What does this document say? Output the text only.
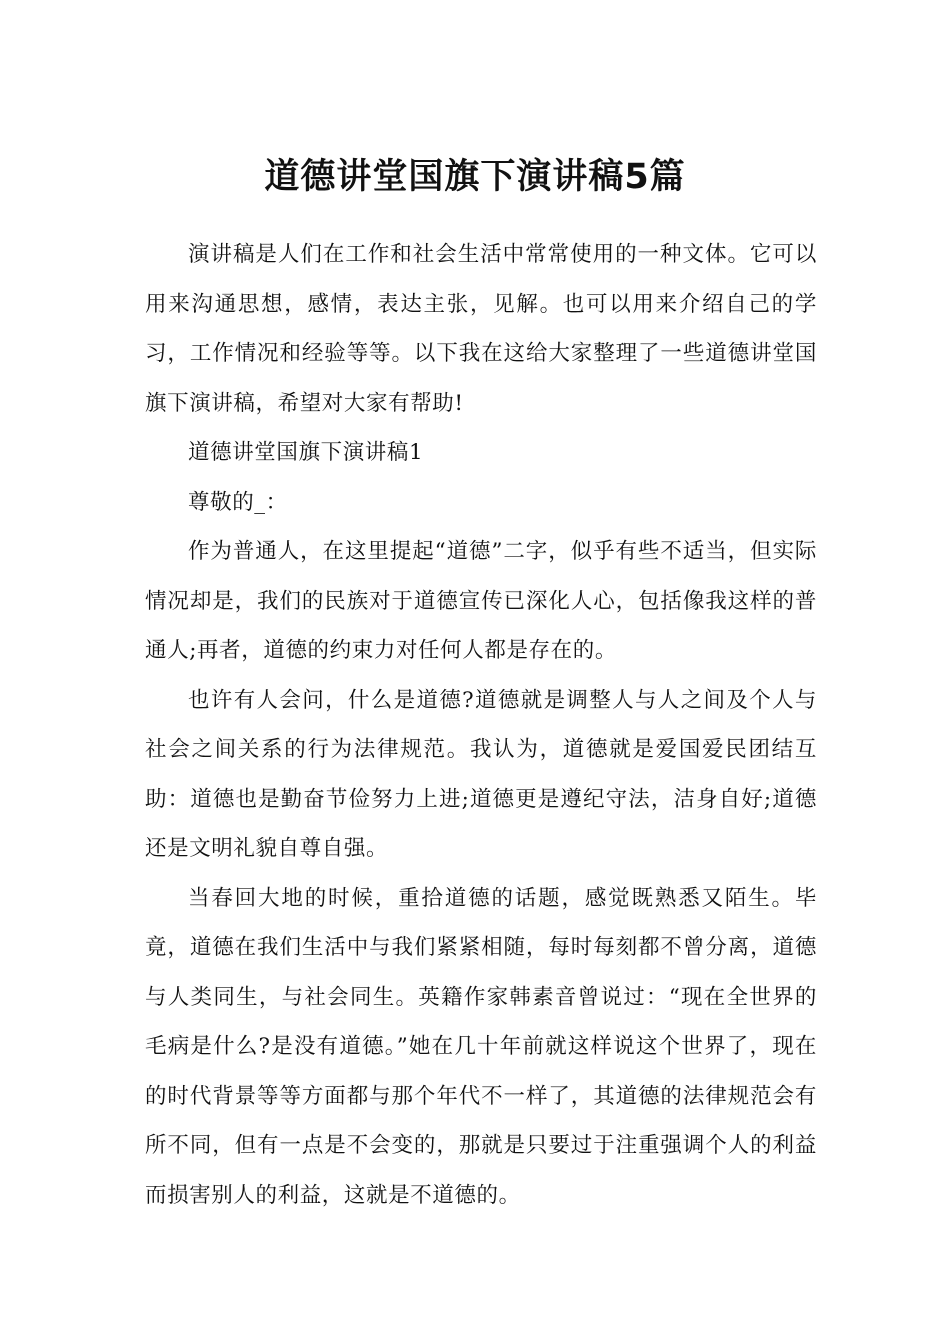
道德讲堂国旗下演讲稿5篇

演讲稿是人们在工作和社会生活中常常使用的一种文体。它可以用来沟通思想，感情，表达主张，见解。也可以用来介绍自己的学习，工作情况和经验等等。以下我在这给大家整理了一些道德讲堂国旗下演讲稿，希望对大家有帮助!

道德讲堂国旗下演讲稿1

尊敬的_：

作为普通人，在这里提起“道德”二字，似乎有些不适当，但实际情况却是，我们的民族对于道德宣传已深化人心，包括像我这样的普通人;再者，道德的约束力对任何人都是存在的。

也许有人会问，什么是道德?道德就是调整人与人之间及个人与社会之间关系的行为法律规范。我认为，道德就是爱国爱民团结互助：道德也是勤奋节俭努力上进;道德更是遵纪守法，洁身自好;道德还是文明礼貌自尊自强。

当春回大地的时候，重拾道德的话题，感觉既熟悉又陌生。毕竟，道德在我们生活中与我们紧紧相随，每时每刻都不曾分离，道德与人类同生，与社会同生。英籍作家韩素音曾说过：“现在全世界的毛病是什么?是没有道德。”她在几十年前就这样说这个世界了，现在的时代背景等等方面都与那个年代不一样了，其道德的法律规范会有所不同，但有一点是不会变的，那就是只要过于注重强调个人的利益而损害别人的利益，这就是不道德的。
